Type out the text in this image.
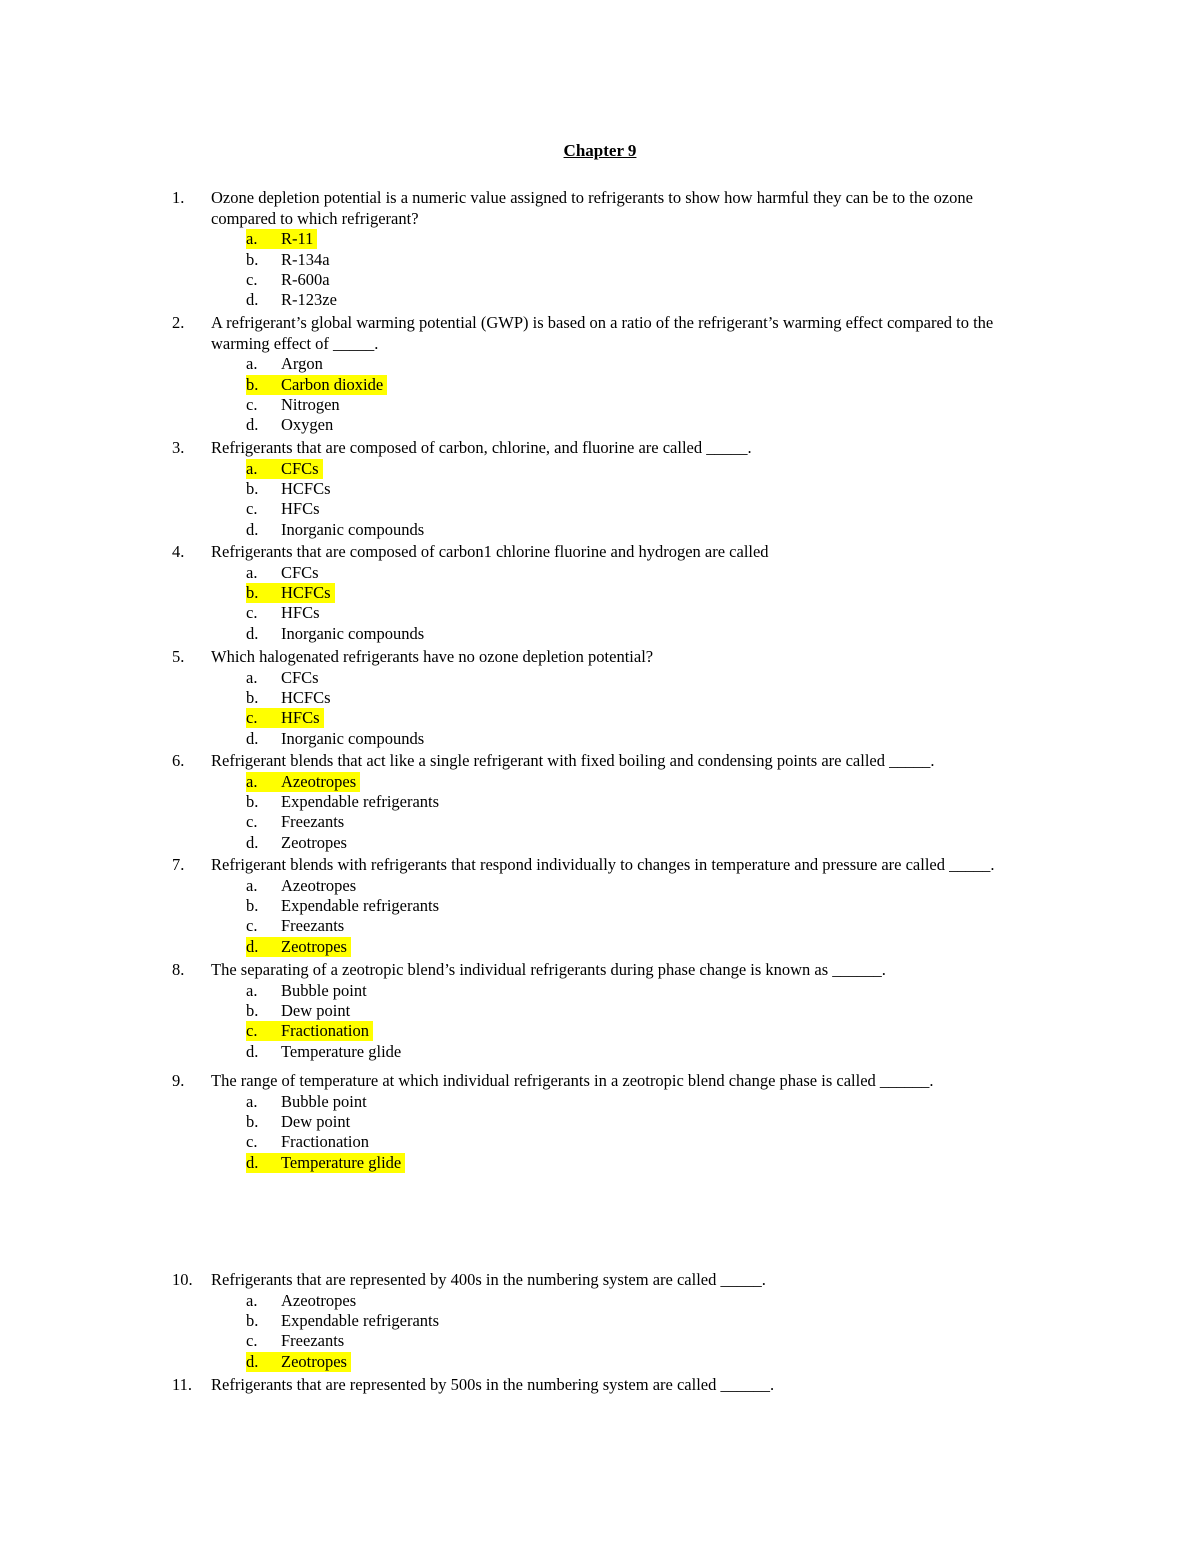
Chapter 9
1.	Ozone depletion potential is a numeric value assigned to refrigerants to show how harmful they can be to the ozone
compared to which refrigerant?
a. R-11
b. R-134a
c. R-600a
d. R-123ze
2.	A refrigerant’s global warming potential (GWP) is based on a ratio of the refrigerant’s warming effect compared to the
warming effect of _____.
a. Argon
b. Carbon dioxide
c. Nitrogen
d. Oxygen
3.	Refrigerants that are composed of carbon, chlorine, and fluorine are called _____.
a. CFCs
b. HCFCs
c. HFCs
d. Inorganic compounds
4.	Refrigerants that are composed of carbon1 chlorine fluorine and hydrogen are called
a. CFCs
b. HCFCs
c. HFCs
d. Inorganic compounds
5.	Which halogenated refrigerants have no ozone depletion potential?
a. CFCs
b. HCFCs
c. HFCs
d. Inorganic compounds
6.	Refrigerant blends that act like a single refrigerant with fixed boiling and condensing points are called _____.
a. Azeotropes
b. Expendable refrigerants
c. Freezants
d. Zeotropes
7.	Refrigerant blends with refrigerants that respond individually to changes in temperature and pressure are called _____.
a. Azeotropes
b. Expendable refrigerants
c. Freezants
d. Zeotropes
8.	The separating of a zeotropic blend’s individual refrigerants during phase change is known as ______.
a. Bubble point
b. Dew point
c. Fractionation
d. Temperature glide
9.	The range of temperature at which individual refrigerants in a zeotropic blend change phase is called ______.
a. Bubble point
b. Dew point
c. Fractionation
d. Temperature glide
10. Refrigerants that are represented by 400s in the numbering system are called _____.
a. Azeotropes
b. Expendable refrigerants
c. Freezants
d. Zeotropes
11. Refrigerants that are represented by 500s in the numbering system are called ______.
